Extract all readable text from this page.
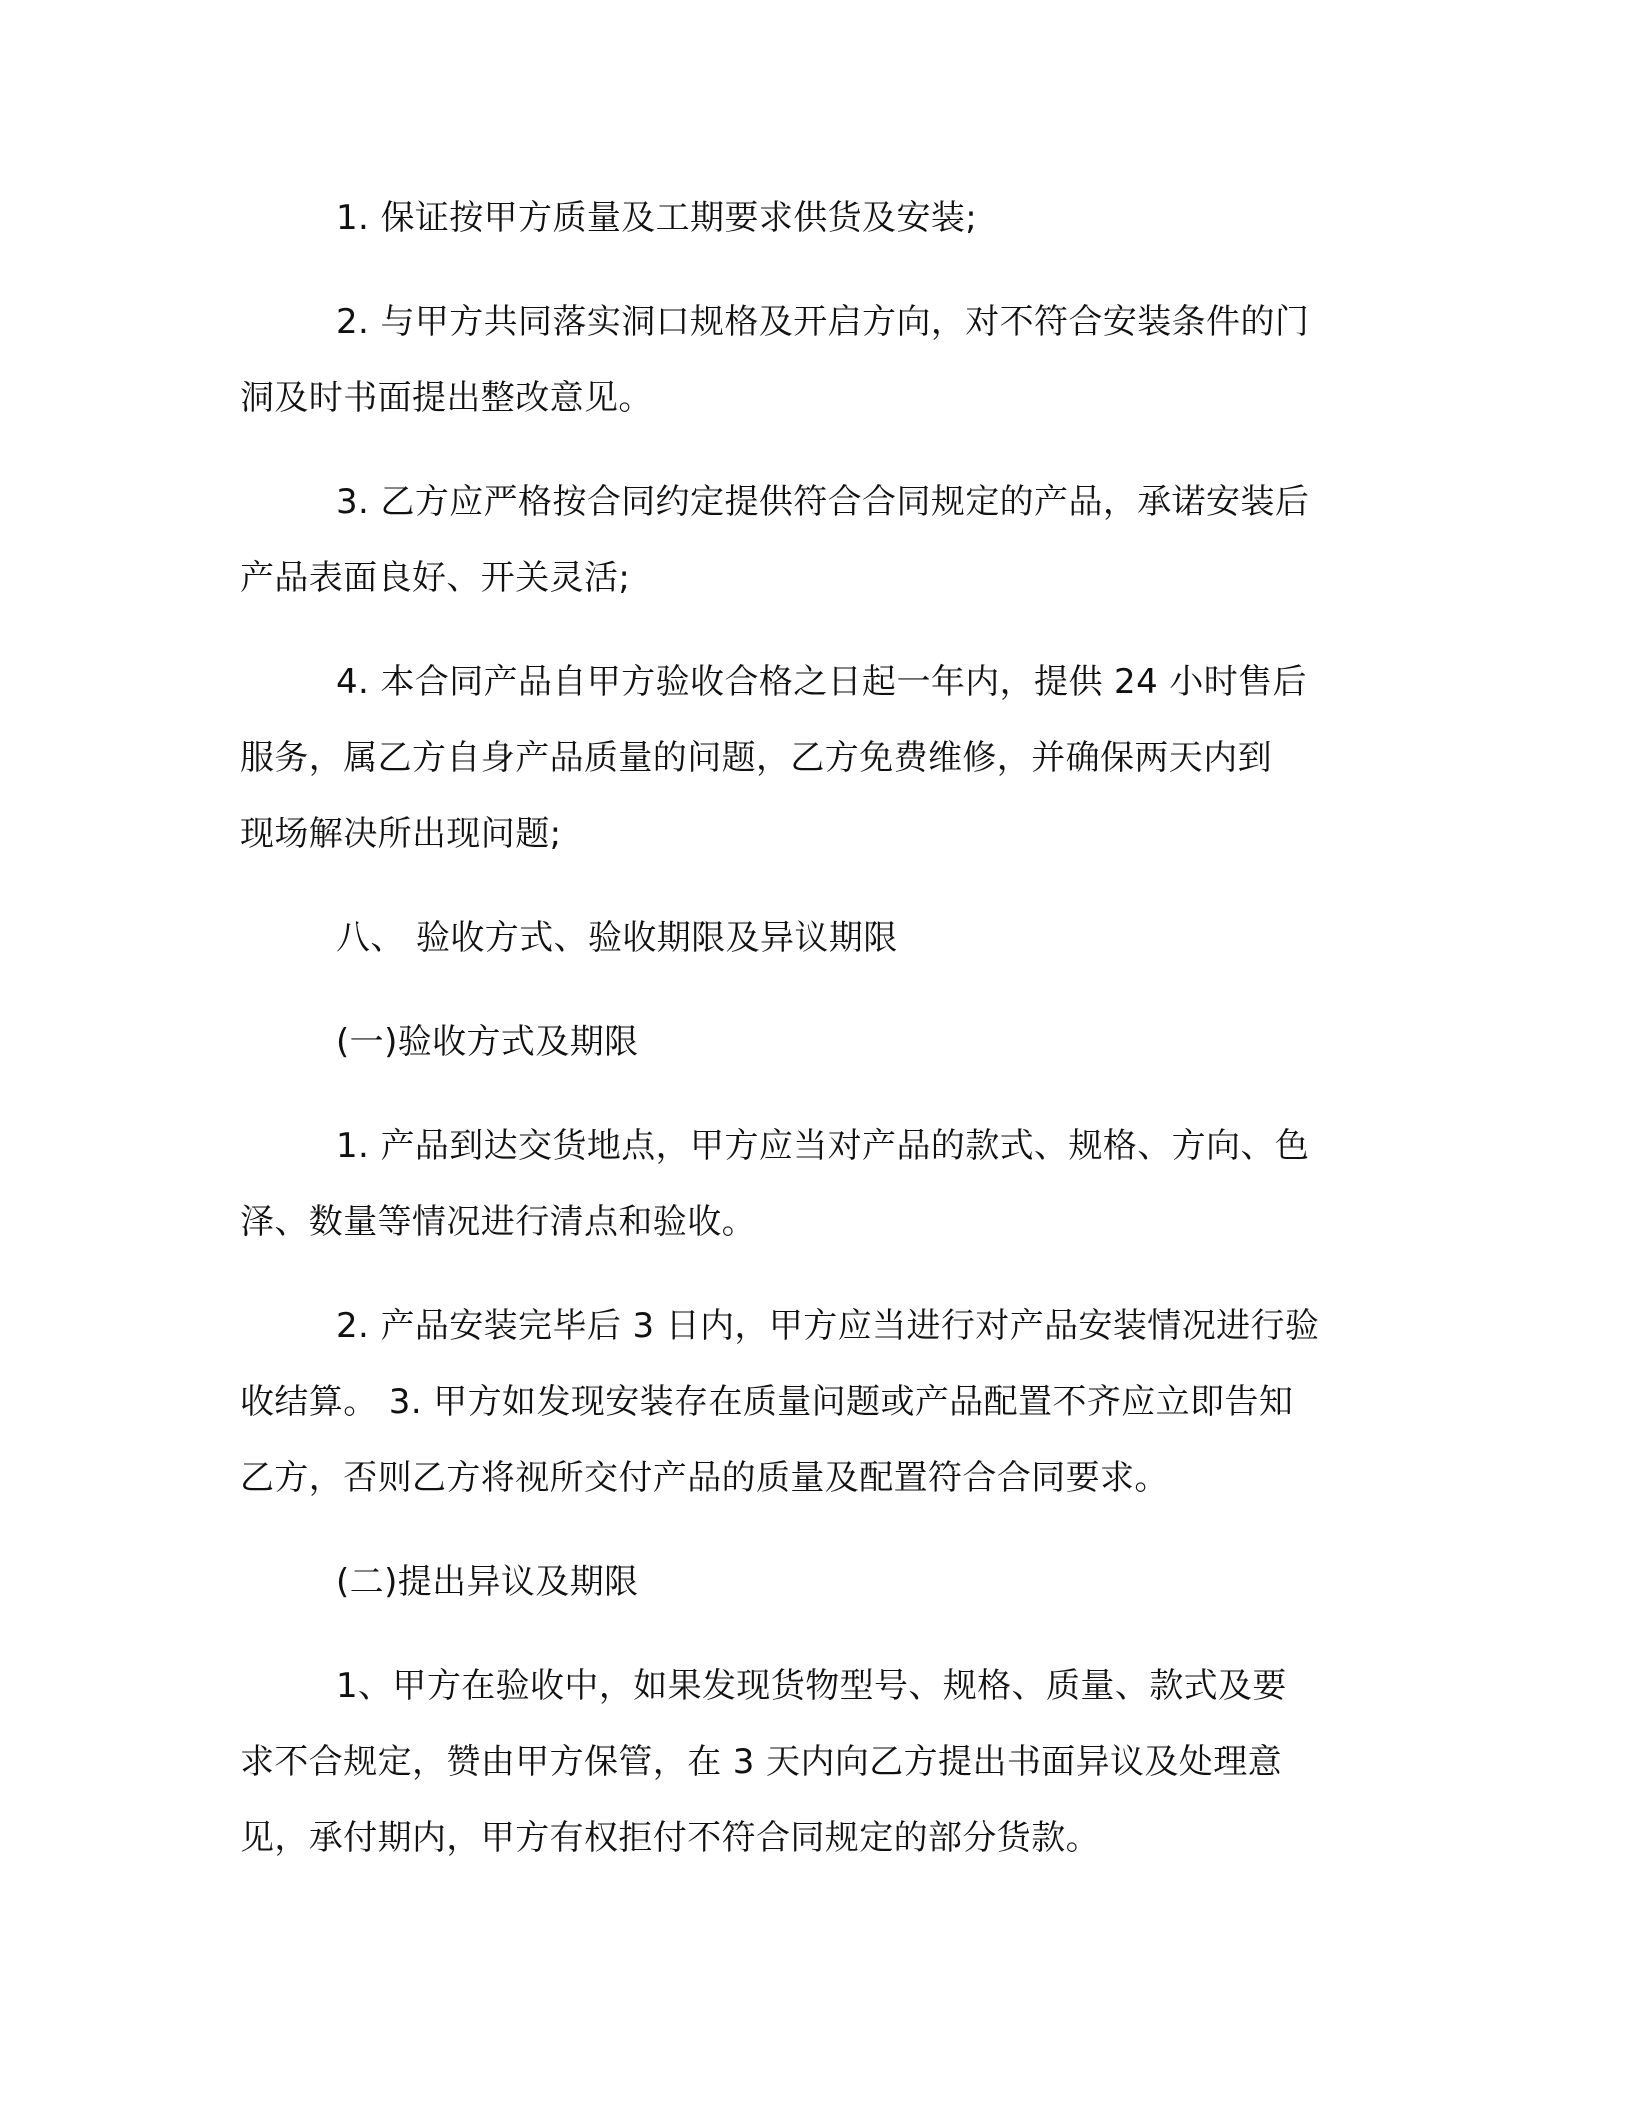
1. 保证按甲方质量及工期要求供货及安装;
2. 与甲方共同落实洞口规格及开启方向，对不符合安装条件的门
洞及时书面提出整改意见。
3. 乙方应严格按合同约定提供符合合同规定的产品，承诺安装后
产品表面良好、开关灵活;
4. 本合同产品自甲方验收合格之日起一年内，提供 24 小时售后
服务，属乙方自身产品质量的问题，乙方免费维修，并确保两天内到
现场解决所出现问题;
八、 验收方式、验收期限及异议期限
(一)验收方式及期限
1. 产品到达交货地点，甲方应当对产品的款式、规格、方向、色
泽、数量等情况进行清点和验收。
2. 产品安装完毕后 3 日内，甲方应当进行对产品安装情况进行验
收结算。 3. 甲方如发现安装存在质量问题或产品配置不齐应立即告知
乙方，否则乙方将视所交付产品的质量及配置符合合同要求。
(二)提出异议及期限
1、甲方在验收中，如果发现货物型号、规格、质量、款式及要
求不合规定，赞由甲方保管，在 3 天内向乙方提出书面异议及处理意
见，承付期内，甲方有权拒付不符合同规定的部分货款。
